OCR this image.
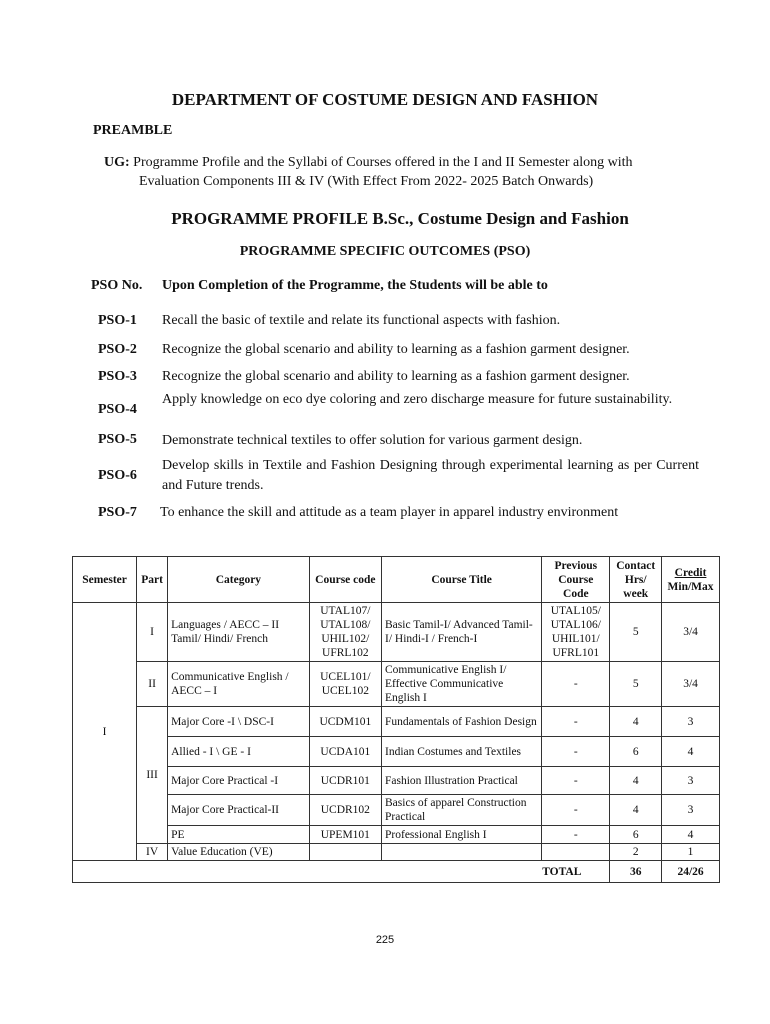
DEPARTMENT OF COSTUME DESIGN AND FASHION
PREAMBLE
UG: Programme Profile and the Syllabi of Courses offered in the I and II Semester along with
Evaluation Components III & IV (With Effect From 2022- 2025 Batch Onwards)
PROGRAMME PROFILE B.Sc., Costume Design and Fashion
PROGRAMME SPECIFIC OUTCOMES (PSO)
PSO No. Upon Completion of the Programme, the Students will be able to
PSO-1 Recall the basic of textile and relate its functional aspects with fashion.
PSO-2 Recognize the global scenario and ability to learning as a fashion garment designer.
PSO-3 Recognize the global scenario and ability to learning as a fashion garment designer.
PSO-4
Apply knowledge on eco dye coloring and zero discharge measure for future sustainability.
PSO-5 Demonstrate technical textiles to offer solution for various garment design.
PSO-6
Develop skills in Textile and Fashion Designing through experimental learning as per Current and Future trends.
PSO-7 To enhance the skill and attitude as a team player in apparel industry environment
Semester	Part	Category	Course code	Course Title	Previous Course Code	Contact Hrs/ week	Credit
Min/Max

I	I	Languages / AECC – II Tamil/ Hindi/ French	UTAL107/ UTAL108/ UHIL102/ UFRL102	Basic Tamil-I/ Advanced Tamil-I/ Hindi-I / French-I	UTAL105/ UTAL106/ UHIL101/ UFRL101	5	3/4
	II	Communicative English / AECC – I	UCEL101/ UCEL102	Communicative English I/ Effective Communicative English I	-	5	3/4
	III	Major Core -I \ DSC-I	UCDM101	Fundamentals of Fashion Design	-	4	3
		Allied - I \ GE - I	UCDA101	Indian Costumes and Textiles	-	6	4
		Major Core Practical -I	UCDR101	Fashion Illustration Practical	-	4	3
		Major Core Practical-II	UCDR102	Basics of apparel Construction Practical	-	4	3
		PE	UPEM101	Professional English I	-	6	4
	IV	Value Education (VE)				2	1
TOTAL						36	24/26
225
